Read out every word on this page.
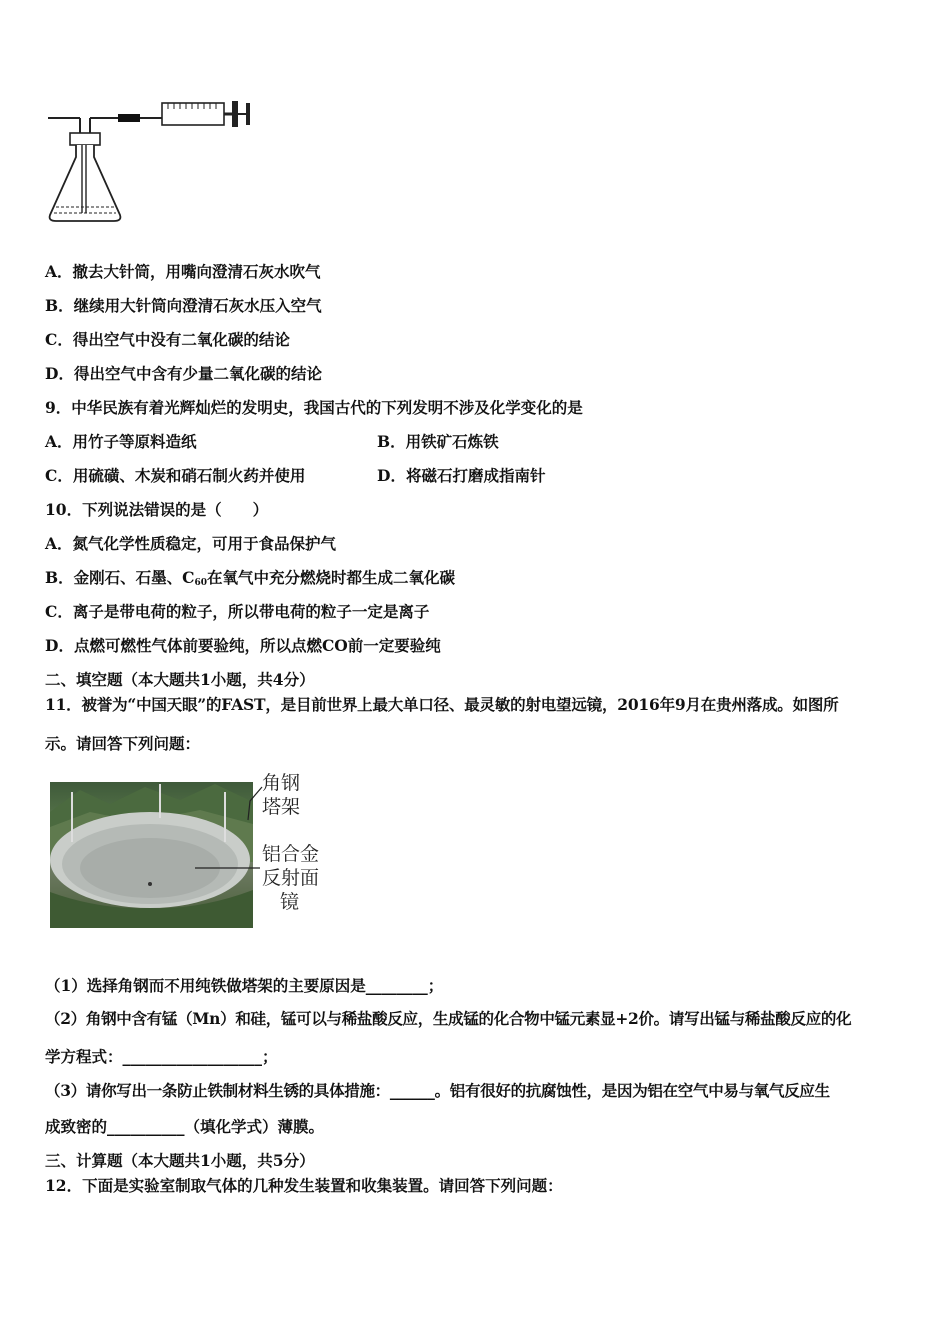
A．撤去大针筒，用嘴向澄清石灰水吹气
B．继续用大针筒向澄清石灰水压入空气
C．得出空气中没有二氧化碳的结论
D．得出空气中含有少量二氧化碳的结论
9．中华民族有着光辉灿烂的发明史，我国古代的下列发明不涉及化学变化的是
A．用竹子等原料造纸	B．用铁矿石炼铁
C．用硫磺、木炭和硝石制火药并使用	D．将磁石打磨成指南针
10．下列说法错误的是（　　）
A．氮气化学性质稳定，可用于食品保护气
B．金刚石、石墨、$C_{60}$在氧气中充分燃烧时都生成二氧化碳
C．离子是带电荷的粒子，所以带电荷的粒子一定是离子
D．点燃可燃性气体前要验纯，所以点燃CO前一定要验纯
二、填空题（本大题共1小题，共4分）
11．被誉为“中国天眼”的FAST，是目前世界上最大单口径、最灵敏的射电望远镜，2016年9月在贵州落成。如图所
示。请回答下列问题：
角钢
塔架
铝合金
反射面
镜
（1）选择角钢而不用纯铁做塔架的主要原因是________；
（2）角钢中含有锰（Mn）和硅，锰可以与稀盐酸反应，生成锰的化合物中锰元素显+2价。请写出锰与稀盐酸反应的化
学方程式：__________________；
（3）请你写出一条防止铁制材料生锈的具体措施：______。铝有很好的抗腐蚀性，是因为铝在空气中易与氧气反应生
成致密的__________（填化学式）薄膜。
三、计算题（本大题共1小题，共5分）
12．下面是实验室制取气体的几种发生装置和收集装置。请回答下列问题：
